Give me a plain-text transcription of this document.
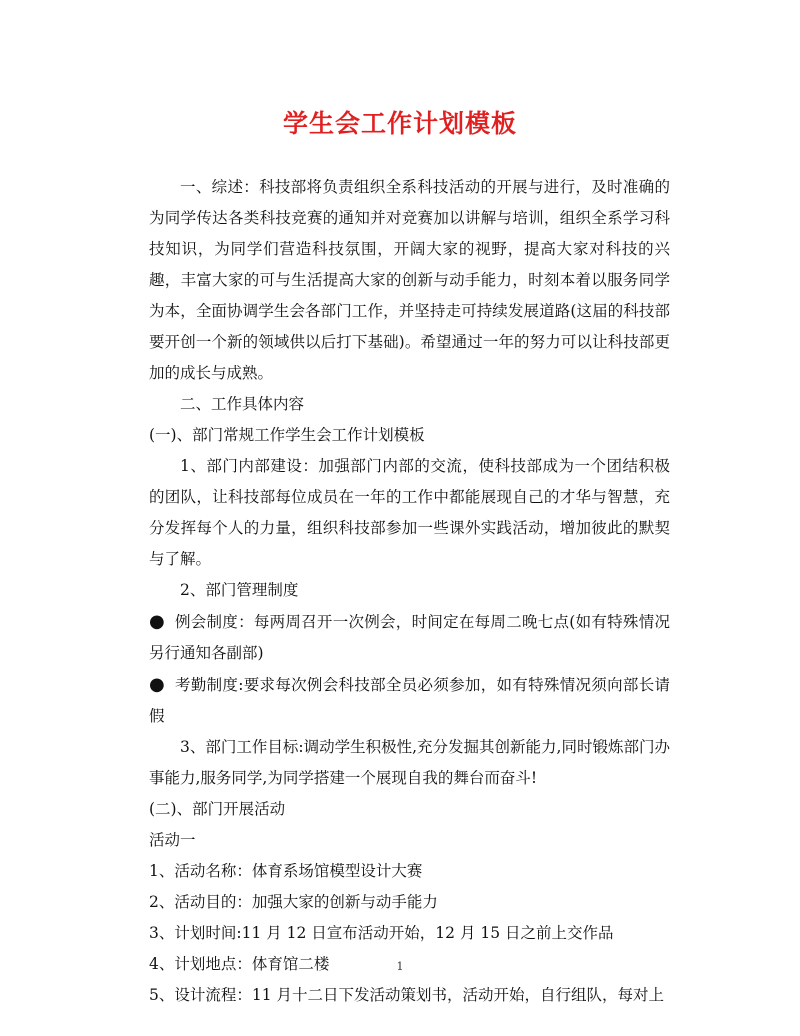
学生会工作计划模板

一、综述：科技部将负责组织全系科技活动的开展与进行，及时准确的为同学传达各类科技竞赛的通知并对竞赛加以讲解与培训，组织全系学习科技知识，为同学们营造科技氛围，开阔大家的视野，提高大家对科技的兴趣，丰富大家的可与生活提高大家的创新与动手能力，时刻本着以服务同学为本，全面协调学生会各部门工作，并坚持走可持续发展道路(这届的科技部要开创一个新的领域供以后打下基础)。希望通过一年的努力可以让科技部更加的成长与成熟。

二、工作具体内容

(一)、部门常规工作学生会工作计划模板

1、部门内部建设：加强部门内部的交流，使科技部成为一个团结积极的团队，让科技部每位成员在一年的工作中都能展现自己的才华与智慧，充分发挥每个人的力量，组织科技部参加一些课外实践活动，增加彼此的默契与了解。

2、部门管理制度

● 例会制度：每两周召开一次例会，时间定在每周二晚七点(如有特殊情况另行通知各副部)

● 考勤制度:要求每次例会科技部全员必须参加，如有特殊情况须向部长请假

3、部门工作目标:调动学生积极性,充分发掘其创新能力,同时锻炼部门办事能力,服务同学,为同学搭建一个展现自我的舞台而奋斗!

(二)、部门开展活动

活动一

1、活动名称：体育系场馆模型设计大赛

2、活动目的：加强大家的创新与动手能力

3、计划时间:11 月 12 日宣布活动开始，12 月 15 日之前上交作品

4、计划地点：体育馆二楼

5、设计流程：11 月十二日下发活动策划书，活动开始，自行组队，每对上

1
